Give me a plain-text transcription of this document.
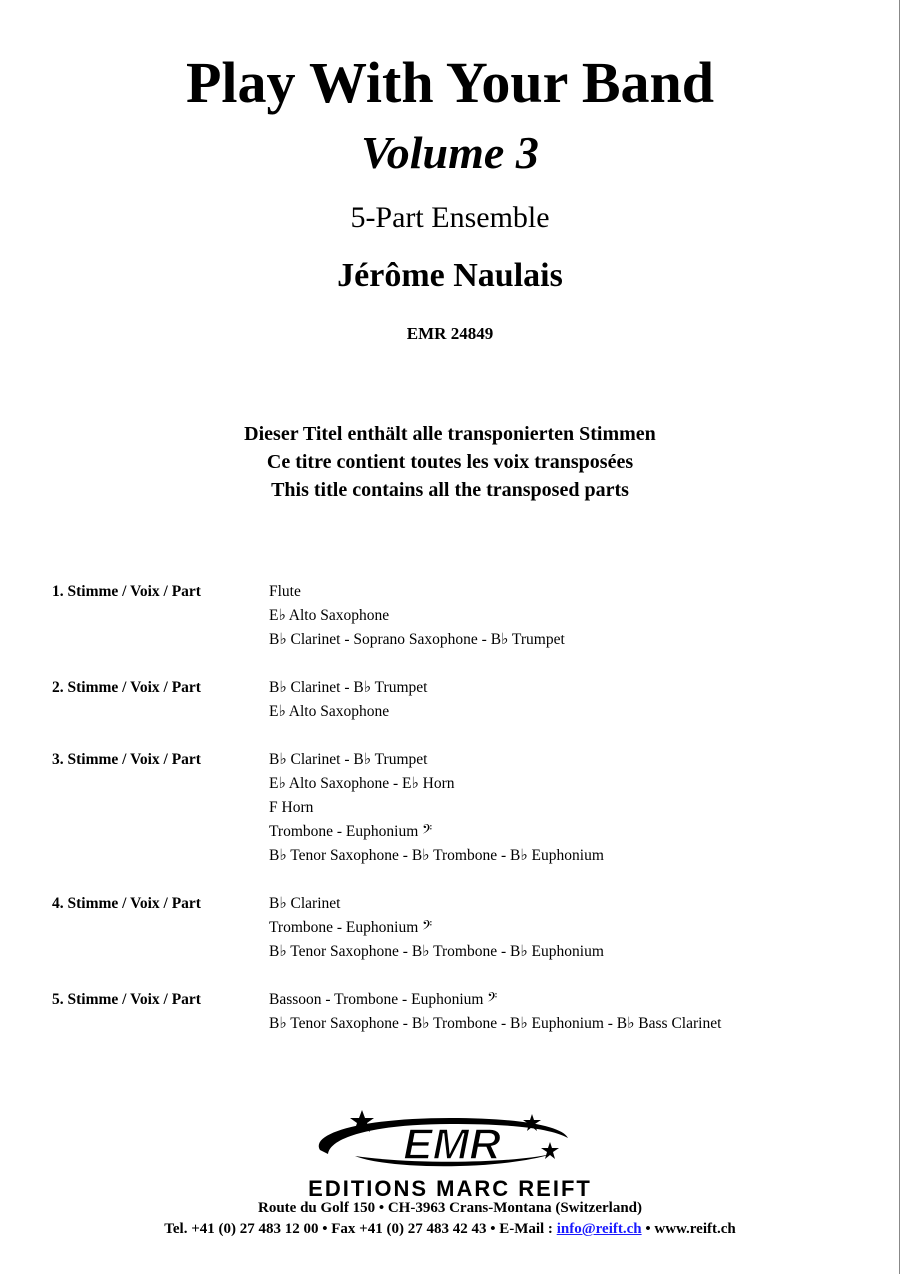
Play With Your Band
Volume 3
5-Part Ensemble
Jérôme Naulais
EMR 24849
Dieser Titel enthält alle transponierten Stimmen
Ce titre contient toutes les voix transposées
This title contains all the transposed parts
1. Stimme / Voix / Part	Flute
E♭ Alto Saxophone
B♭ Clarinet - Soprano Saxophone - B♭ Trumpet
2. Stimme / Voix / Part	B♭ Clarinet - B♭ Trumpet
E♭ Alto Saxophone
3. Stimme / Voix / Part	B♭ Clarinet - B♭ Trumpet
E♭ Alto Saxophone - E♭ Horn
F Horn
Trombone - Euphonium 𝄢
B♭ Tenor Saxophone - B♭ Trombone - B♭ Euphonium
4. Stimme / Voix / Part	B♭ Clarinet
Trombone - Euphonium 𝄢
B♭ Tenor Saxophone - B♭ Trombone - B♭ Euphonium
5. Stimme / Voix / Part	Bassoon - Trombone - Euphonium 𝄢
B♭ Tenor Saxophone - B♭ Trombone - B♭ Euphonium - B♭ Bass Clarinet
EMR
EDITIONS MARC REIFT
Route du Golf 150 • CH-3963 Crans-Montana (Switzerland)
Tel. +41 (0) 27 483 12 00 • Fax +41 (0) 27 483 42 43 • E-Mail : info@reift.ch • www.reift.ch
